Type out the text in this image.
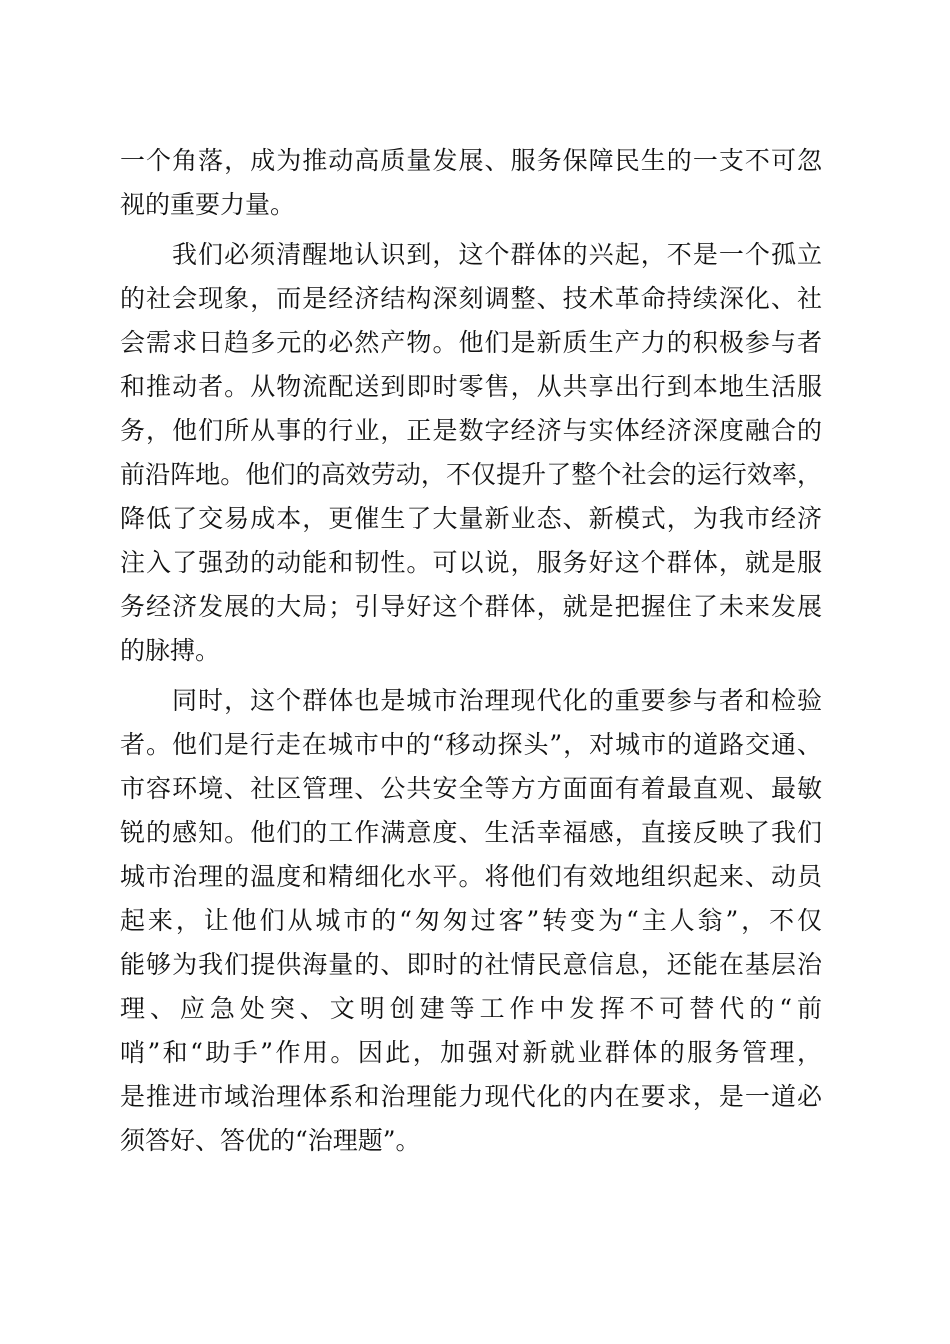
一个角落，成为推动高质量发展、服务保障民生的一支不可忽
视的重要力量。
我们必须清醒地认识到，这个群体的兴起，不是一个孤立
的社会现象，而是经济结构深刻调整、技术革命持续深化、社
会需求日趋多元的必然产物。他们是新质生产力的积极参与者
和推动者。从物流配送到即时零售，从共享出行到本地生活服
务，他们所从事的行业，正是数字经济与实体经济深度融合的
前沿阵地。他们的高效劳动，不仅提升了整个社会的运行效率，
降低了交易成本，更催生了大量新业态、新模式，为我市经济
注入了强劲的动能和韧性。可以说，服务好这个群体，就是服
务经济发展的大局；引导好这个群体，就是把握住了未来发展
的脉搏。
同时，这个群体也是城市治理现代化的重要参与者和检验
者。他们是行走在城市中的“移动探头”，对城市的道路交通、
市容环境、社区管理、公共安全等方方面面有着最直观、最敏
锐的感知。他们的工作满意度、生活幸福感，直接反映了我们
城市治理的温度和精细化水平。将他们有效地组织起来、动员
起来，让他们从城市的“匆匆过客”转变为“主人翁”，不仅
能够为我们提供海量的、即时的社情民意信息，还能在基层治
理、应急处突、文明创建等工作中发挥不可替代的“前
哨”和“助手”作用。因此，加强对新就业群体的服务管理，
是推进市域治理体系和治理能力现代化的内在要求，是一道必
须答好、答优的“治理题”。
